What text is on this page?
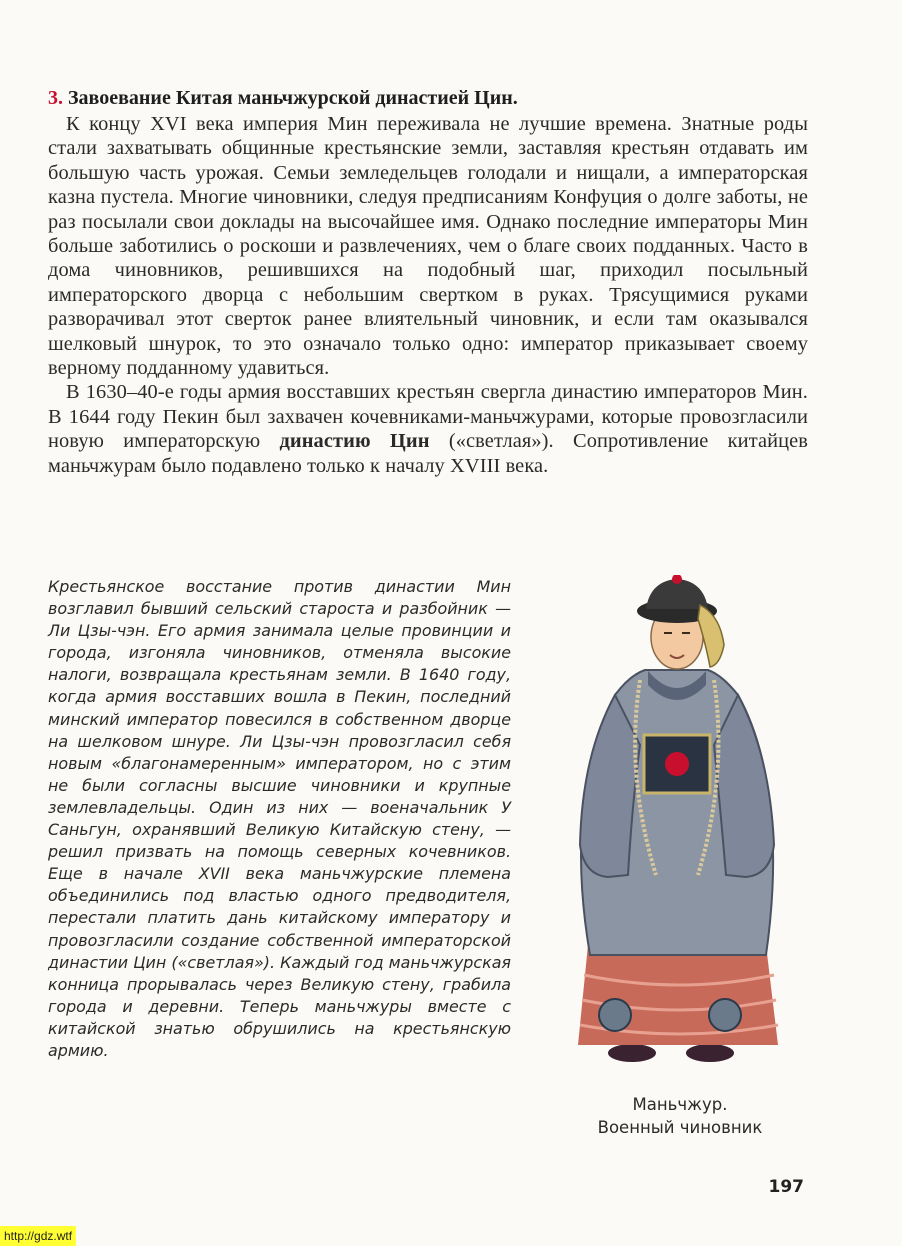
3. Завоевание Китая маньчжурской династией Цин.

К концу XVI века империя Мин переживала не лучшие времена. Знатные роды стали захватывать общинные крестьянские земли, заставляя крестьян отдавать им большую часть урожая. Семьи земледельцев голодали и нищали, а императорская казна пустела. Многие чиновники, следуя предписаниям Конфуция о долге заботы, не раз посылали свои доклады на высочайшее имя. Однако последние императоры Мин больше заботились о роскоши и развлечениях, чем о благе своих подданных. Часто в дома чиновников, решившихся на подобный шаг, приходил посыльный императорского дворца с небольшим свертком в руках. Трясущимися руками разворачивал этот сверток ранее влиятельный чиновник, и если там оказывался шелковый шнурок, то это означало только одно: император приказывает своему верному подданному удавиться.

В 1630–40-е годы армия восставших крестьян свергла династию императоров Мин. В 1644 году Пекин был захвачен кочевниками-маньчжурами, которые провозгласили новую императорскую династию Цин («светлая»). Сопротивление китайцев маньчжурам было подавлено только к началу XVIII века.

Крестьянское восстание против династии Мин возглавил бывший сельский староста и разбойник — Ли Цзы-чэн. Его армия занимала целые провинции и города, изгоняла чиновников, отменяла высокие налоги, возвращала крестьянам земли. В 1640 году, когда армия восставших вошла в Пекин, последний минский император повесился в собственном дворце на шелковом шнуре. Ли Цзы-чэн провозгласил себя новым «благонамеренным» императором, но с этим не были согласны высшие чиновники и крупные землевладельцы. Один из них — военачальник У Саньгун, охранявший Великую Китайскую стену, — решил призвать на помощь северных кочевников. Еще в начале XVII века маньчжурские племена объединились под властью одного предводителя, перестали платить дань китайскому императору и провозгласили создание собственной императорской династии Цин («светлая»). Каждый год маньчжурская конница прорывалась через Великую стену, грабила города и деревни. Теперь маньчжуры вместе с китайской знатью обрушились на крестьянскую армию.

Маньчжур.
Военный чиновник
197
http://gdz.wtf
